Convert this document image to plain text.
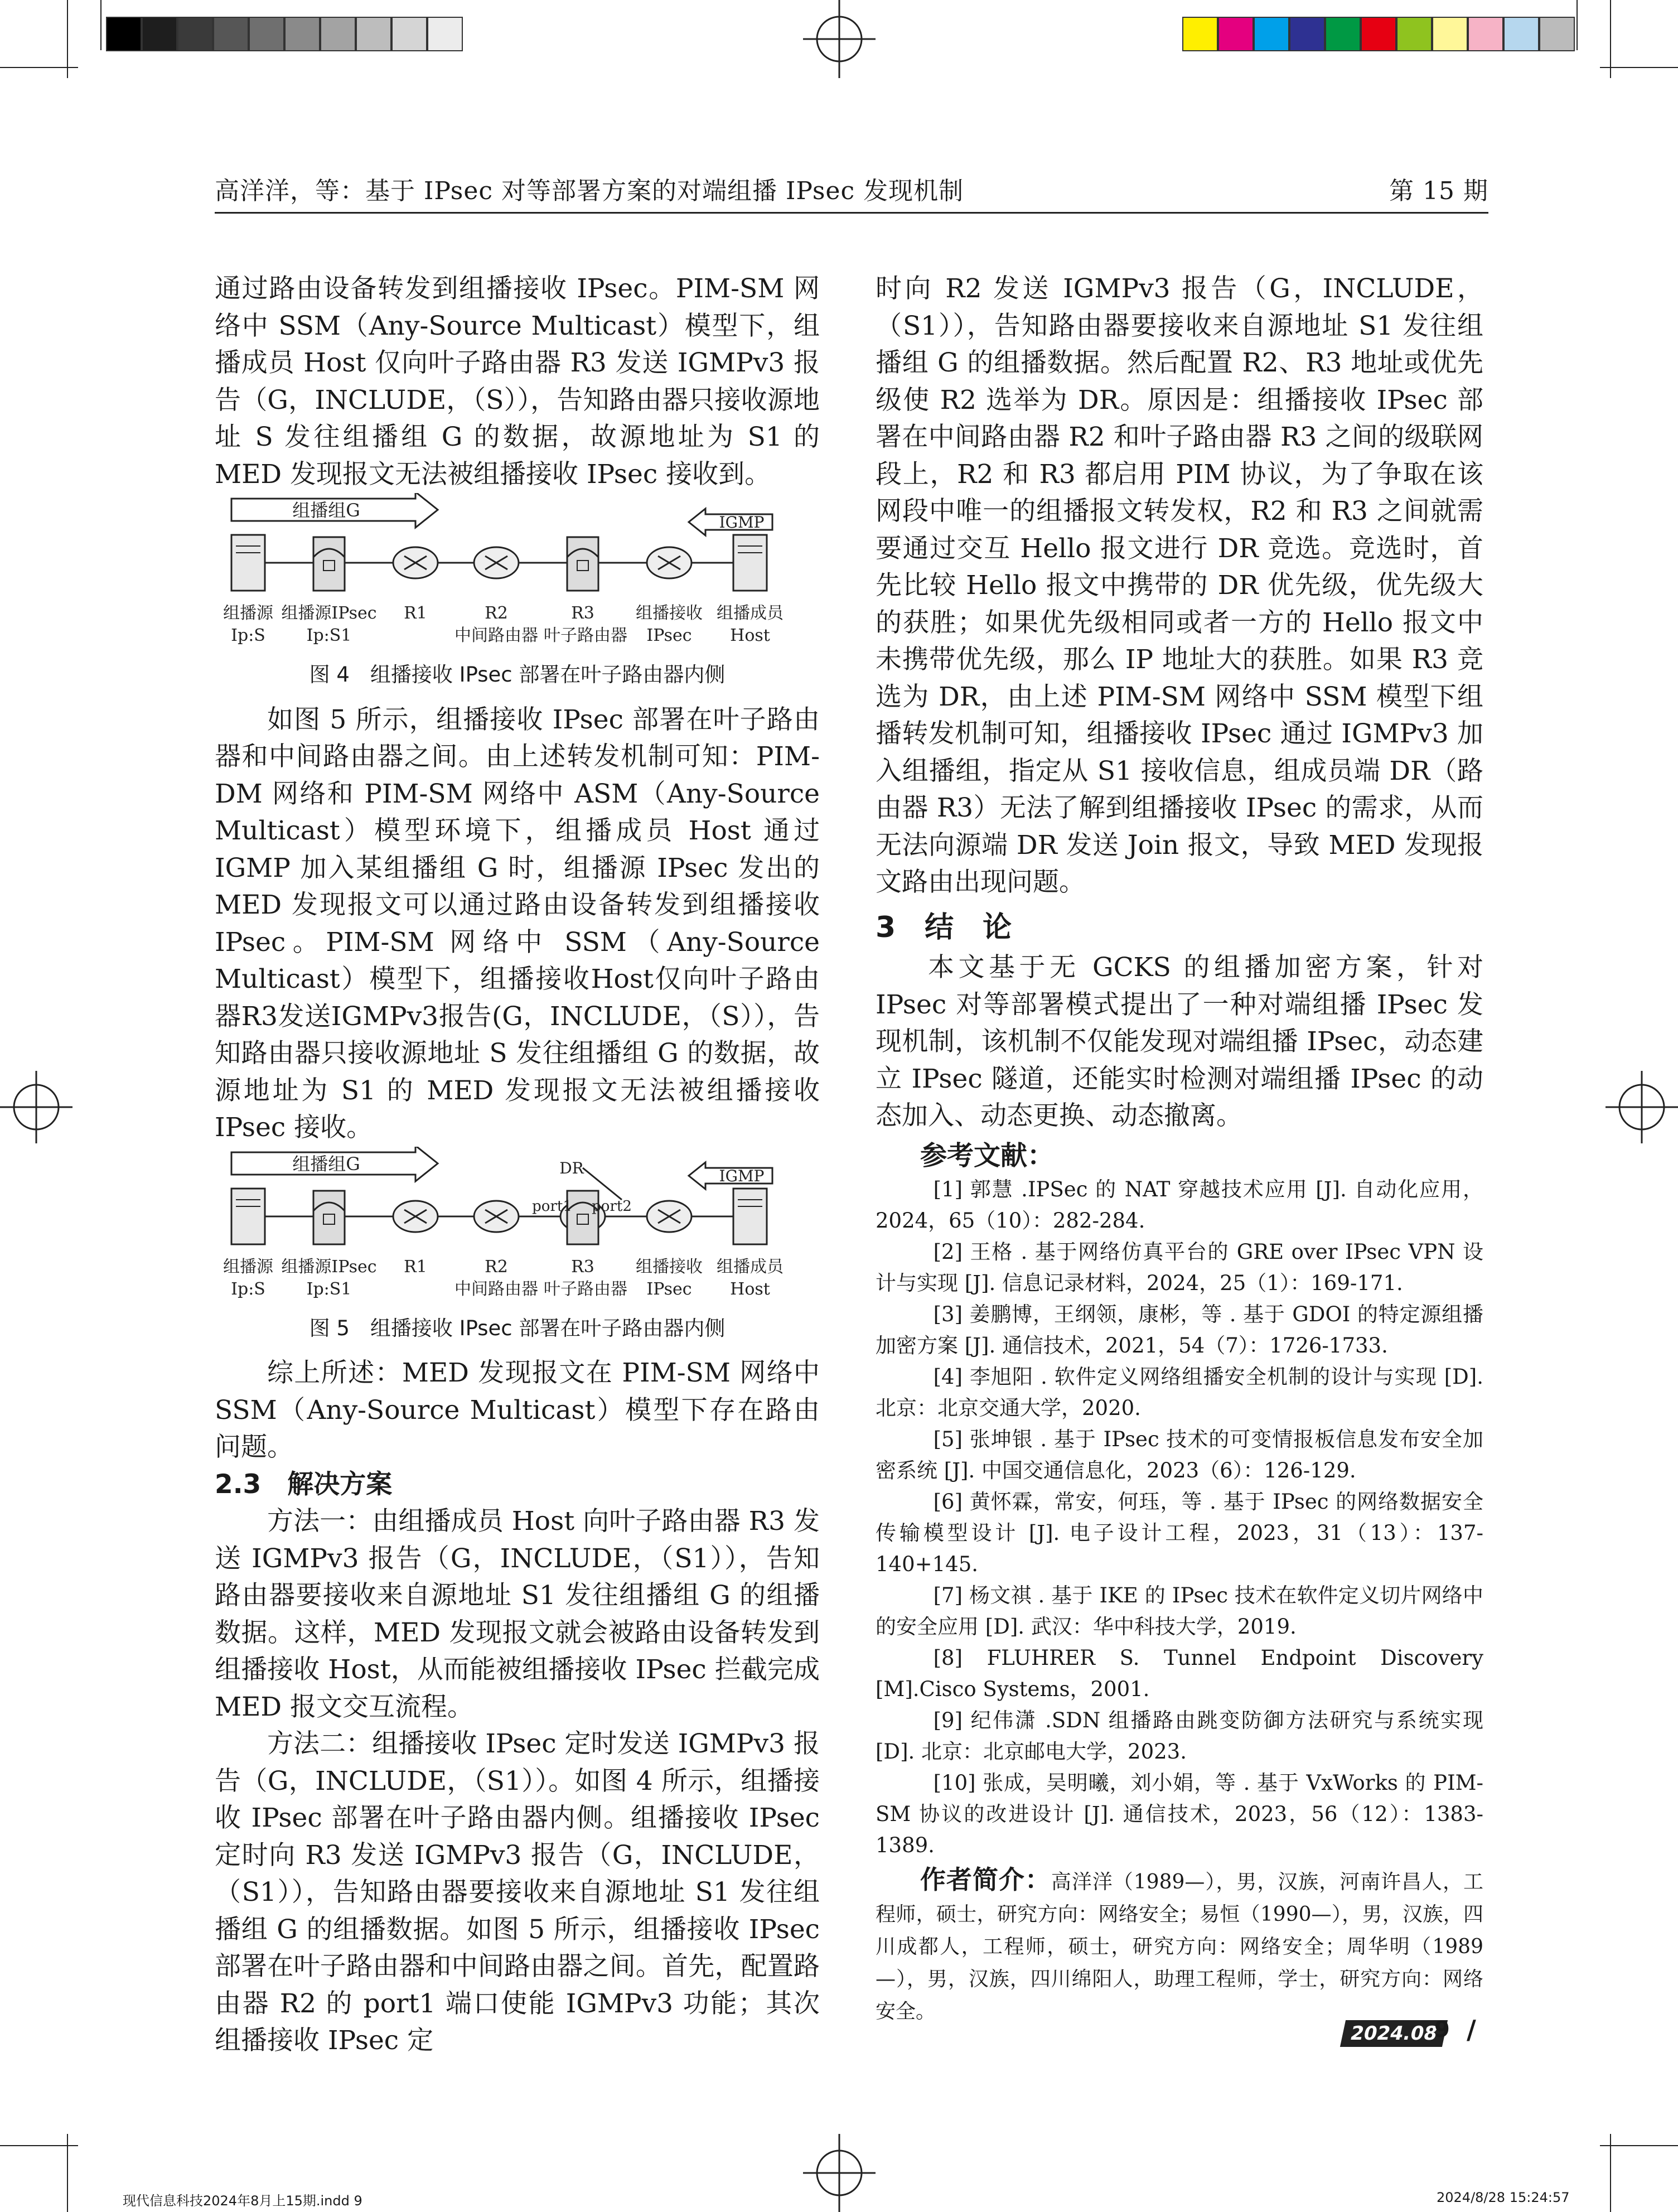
高洋洋，等：基于 IPsec 对等部署方案的对端组播 IPsec 发现机制	第 15 期

通过路由设备转发到组播接收 IPsec。PIM-SM 网络中 SSM（Any-Source Multicast）模型下，组播成员 Host 仅向叶子路由器 R3 发送 IGMPv3 报告（G，INCLUDE，（S）），告知路由器只接收源地址 S 发往组播组 G 的数据，故源地址为 S1 的 MED 发现报文无法被组播接收 IPsec 接收到。

组播组G
IGMP
组播源
Ip:S
组播源IPsec
Ip:S1
R1	R2
中间路由器
R3
叶子路由器
组播接收
IPsec
组播成员
Host
图 4　组播接收 IPsec 部署在叶子路由器内侧

如图 5 所示，组播接收 IPsec 部署在叶子路由器和中间路由器之间。由上述转发机制可知：PIM-DM 网络和 PIM-SM 网络中 ASM（Any-Source Multicast）模型环境下，组播成员 Host 通过 IGMP 加入某组播组 G 时，组播源 IPsec 发出的 MED 发现报文可以通过路由设备转发到组播接收 IPsec。PIM-SM 网络中 SSM（Any-Source Multicast）模型下，组播接收Host仅向叶子路由器R3发送IGMPv3报告(G，INCLUDE，（S）），告知路由器只接收源地址 S 发往组播组 G 的数据，故源地址为 S1 的 MED 发现报文无法被组播接收 IPsec 接收。

组播组G
IGMP
port1 port2
DR
组播源
Ip:S
组播源IPsec
Ip:S1
R1	R2
中间路由器
R3
叶子路由器
组播接收
IPsec
组播成员
Host
图 5　组播接收 IPsec 部署在叶子路由器内侧

综上所述：MED 发现报文在 PIM-SM 网络中 SSM（Any-Source Multicast）模型下存在路由问题。

2.3　解决方案

方法一：由组播成员 Host 向叶子路由器 R3 发送 IGMPv3 报告（G，INCLUDE，（S1）），告知路由器要接收来自源地址 S1 发往组播组 G 的组播数据。这样，MED 发现报文就会被路由设备转发到组播接收 Host，从而能被组播接收 IPsec 拦截完成 MED 报文交互流程。

方法二：组播接收 IPsec 定时发送 IGMPv3 报告（G，INCLUDE，（S1））。如图 4 所示，组播接收 IPsec 部署在叶子路由器内侧。组播接收 IPsec 定时向 R3 发送 IGMPv3 报告（G，INCLUDE，（S1）），告知路由器要接收来自源地址 S1 发往组播组 G 的组播数据。如图 5 所示，组播接收 IPsec 部署在叶子路由器和中间路由器之间。首先，配置路由器 R2 的 port1 端口使能 IGMPv3 功能；其次组播接收 IPsec 定

时向 R2 发送 IGMPv3 报告（G，INCLUDE，（S1）），告知路由器要接收来自源地址 S1 发往组播组 G 的组播数据。然后配置 R2、R3 地址或优先级使 R2 选举为 DR。原因是：组播接收 IPsec 部署在中间路由器 R2 和叶子路由器 R3 之间的级联网段上，R2 和 R3 都启用 PIM 协议，为了争取在该网段中唯一的组播报文转发权，R2 和 R3 之间就需要通过交互 Hello 报文进行 DR 竞选。竞选时，首先比较 Hello 报文中携带的 DR 优先级，优先级大的获胜；如果优先级相同或者一方的 Hello 报文中未携带优先级，那么 IP 地址大的获胜。如果 R3 竞选为 DR，由上述 PIM-SM 网络中 SSM 模型下组播转发机制可知，组播接收 IPsec 通过 IGMPv3 加入组播组，指定从 S1 接收信息，组成员端 DR（路由器 R3）无法了解到组播接收 IPsec 的需求，从而无法向源端 DR 发送 Join 报文，导致 MED 发现报文路由出现问题。

3　结　论

本文基于无 GCKS 的组播加密方案，针对 IPsec 对等部署模式提出了一种对端组播 IPsec 发现机制，该机制不仅能发现对端组播 IPsec，动态建立 IPsec 隧道，还能实时检测对端组播 IPsec 的动态加入、动态更换、动态撤离。

参考文献：

[1] 郭慧 .IPSec 的 NAT 穿越技术应用 [J]. 自动化应用，2024，65（10）：282-284.

[2] 王格 . 基于网络仿真平台的 GRE over IPsec VPN 设计与实现 [J]. 信息记录材料，2024，25（1）：169-171.

[3] 姜鹏博，王纲领，康彬，等 . 基于 GDOI 的特定源组播加密方案 [J]. 通信技术，2021，54（7）：1726-1733.

[4] 李旭阳 . 软件定义网络组播安全机制的设计与实现 [D]. 北京：北京交通大学，2020.

[5] 张坤银 . 基于 IPsec 技术的可变情报板信息发布安全加密系统 [J]. 中国交通信息化，2023（6）：126-129.

[6] 黄怀霖，常安，何珏，等 . 基于 IPsec 的网络数据安全传输模型设计 [J]. 电子设计工程，2023，31（13）：137-140+145.

[7] 杨文祺 . 基于 IKE 的 IPsec 技术在软件定义切片网络中的安全应用 [D]. 武汉：华中科技大学，2019.

[8] FLUHRER S. Tunnel Endpoint Discovery [M].Cisco Systems，2001.

[9] 纪伟潇 .SDN 组播路由跳变防御方法研究与系统实现 [D]. 北京：北京邮电大学，2023.

[10] 张成，吴明曦，刘小娟，等 . 基于 VxWorks 的 PIM-SM 协议的改进设计 [J]. 通信技术，2023，56（12）：1383-1389.

作者简介：高洋洋（1989—），男，汉族，河南许昌人，工程师，硕士，研究方向：网络安全；易恒（1990—），男，汉族，四川成都人，工程师，硕士，研究方向：网络安全；周华明（1989—），男，汉族，四川绵阳人，助理工程师，学士，研究方向：网络安全。

2024.08
9 /
现代信息科技2024年8月上15期.indd 9	2024/8/28 15:24:57
